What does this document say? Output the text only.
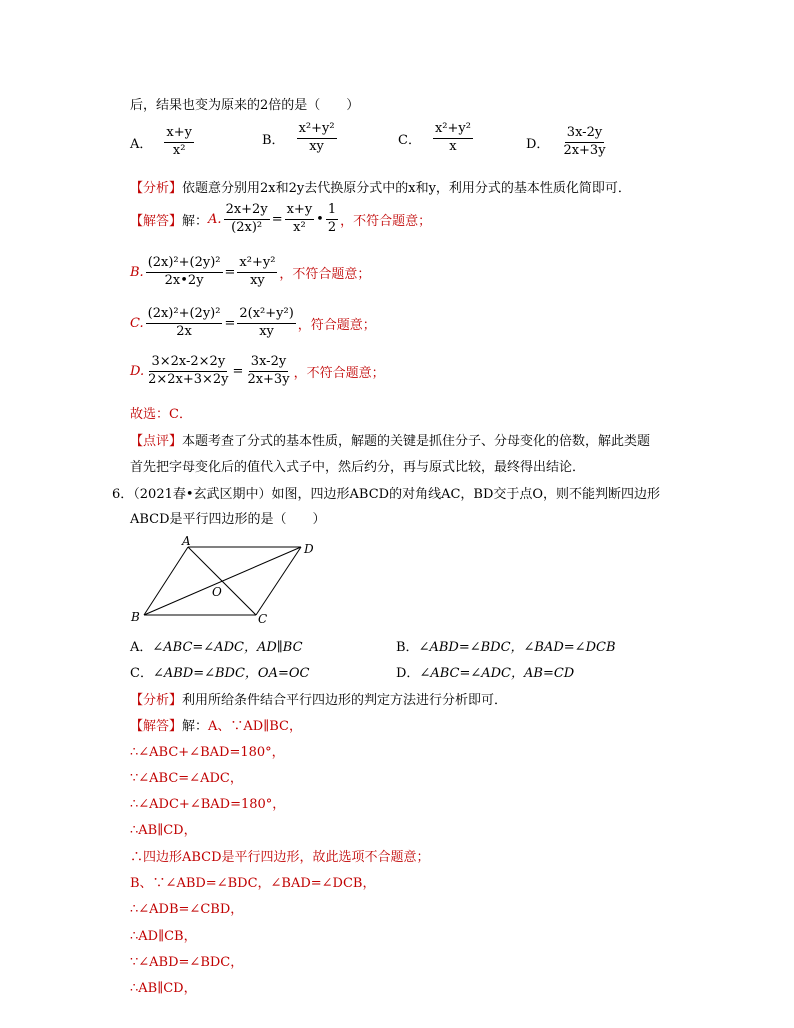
后，结果也变为原来的2倍的是（　　）
A． $\frac{x+y}{\text{x²}}$	B． $\frac{\text{x²+y²}}{xy}$	C． $\frac{\text{x²+y²}}{x}$	D． $\frac{3x-2y}{2x+3y}$
【分析】依题意分别用2x和2y去代换原分式中的x和y，利用分式的基本性质化简即可．
【解答】 解： A. $\frac{2x+2y}{\text{(2x)²}} = \frac{x+y}{\text{x²}}$ • $\frac{1}{2}$ ，不符合题意；
B. $\frac{\text{(2x)²+(2y)²}}{2x•2y} = \frac{\text{x²+y²}}{xy}$ ，不符合题意；
C. $\frac{\text{(2x)²+(2y)²}}{2x} = \frac{\text{2(x²+y²)}}{xy}$ ，符合题意；
D. $\frac{3\times 2x-2\times 2y}{2\times 2x+3\times 2y} = \frac{3x-2y}{2x+3y}$ ，不符合题意；
故选：C．
【点评】本题考查了分式的基本性质，解题的关键是抓住分子、分母变化的倍数，解此类题
首先把字母变化后的值代入式子中，然后约分，再与原式比较，最终得出结论．
6．（2021春•玄武区期中）如图，四边形ABCD的对角线AC，BD交于点O，则不能判断四边形
ABCD是平行四边形的是（　　）
A
D
B	C
O
A．∠ABC=∠ADC，AD∥BC	B．∠ABD=∠BDC，∠BAD=∠DCB
C．∠ABD=∠BDC，OA=OC	D．∠ABC=∠ADC，AB=CD
【分析】利用所给条件结合平行四边形的判定方法进行分析即可．
【解答】解：A、∵AD∥BC，
∴∠ABC+∠BAD=180°，
∵∠ABC=∠ADC，
∴∠ADC+∠BAD=180°，
∴AB∥CD，
∴四边形ABCD是平行四边形，故此选项不合题意；
B、∵∠ABD=∠BDC，∠BAD=∠DCB，
∴∠ADB=∠CBD，
∴AD∥CB，
∵∠ABD=∠BDC，
∴AB∥CD，
